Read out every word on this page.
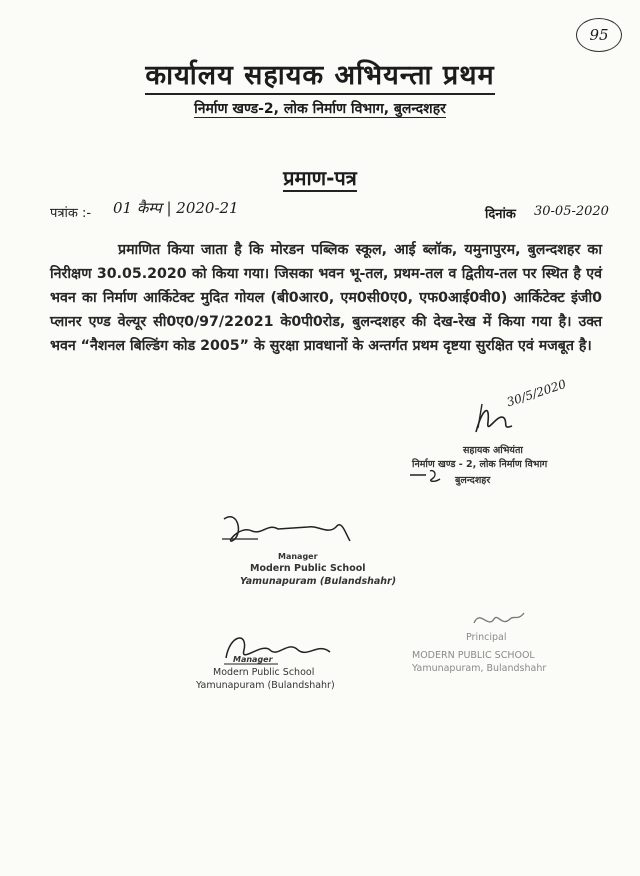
95
कार्यालय सहायक अभियन्ता प्रथम
निर्माण खण्ड-2, लोक निर्माण विभाग, बुलन्दशहर
प्रमाण-पत्र
पत्रांक :- 01 कैम्प | 2020-21	दिनांक 30-05-2020
प्रमाणित किया जाता है कि मोरडन पब्लिक स्कूल, आई ब्लॉक, यमुनापुरम, बुलन्दशहर का निरीक्षण 30.05.2020 को किया गया। जिसका भवन भू-तल, प्रथम-तल व द्वितीय-तल पर स्थित है एवं भवन का निर्माण आर्किटेक्ट मुदित गोयल (बी0आर0, एम0सी0ए0, एफ0आई0वी0) आर्किटेक्ट इंजी0 प्लानर एण्ड वेल्यूर सी0ए0/97/22021 के0पी0रोड, बुलन्दशहर की देख-रेख में किया गया है। उक्त भवन “नैशनल बिल्डिंग कोड 2005” के सुरक्षा प्रावधानों के अन्तर्गत प्रथम दृष्टया सुरक्षित एवं मजबूत है।
30/5/2020
सहायक अभियंता
निर्माण खण्ड - 2, लोक निर्माण विभाग
बुलन्दशहर
Manager
Modern Public School
Yamunapuram (Bulandshahr)
Manager
Modern Public School
Yamunapuram (Bulandshahr)
Principal
MODERN PUBLIC SCHOOL
Yamunapuram, Bulandshahr
